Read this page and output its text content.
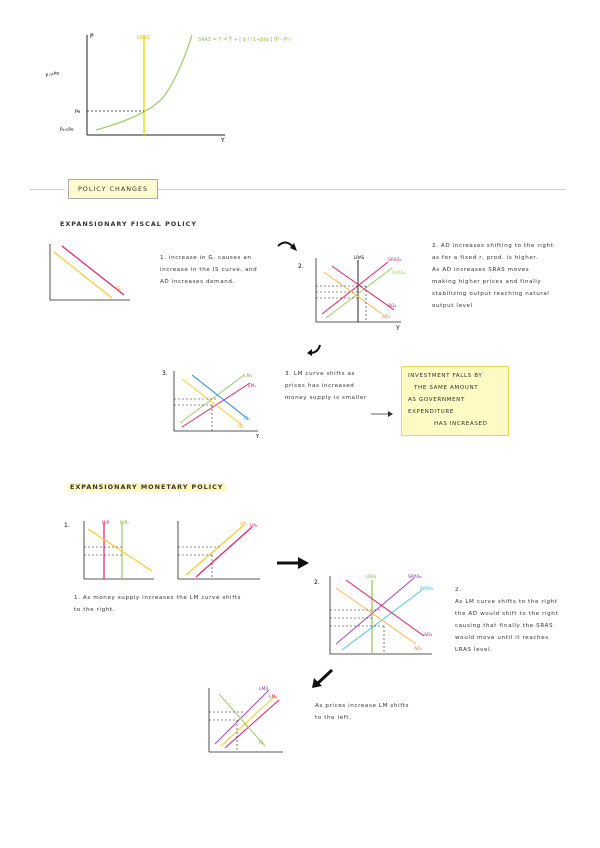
P
Y
LRAS	SRAS = Y = Ȳ + [ α / (1+β)α ] (P - Pᵉ)
P₁>Pe
Pe
P₁<Pe
POLICY CHANGES
EXPANSIONARY FISCAL POLICY
IS₂
1. increase in G, causes an
increase in the IS curve, and
AD increases demand.
2.
SRAS₁
SRAS₂
LRAS
AD₂
AD₁
Y
2. AD increases shifting to the right
as for a fixed r, prod. is higher.
As AD increases SRAS moves
making higher prices and finally
stabilizing output reaching natural
output level
3.	LM₂
LM₁
IS₂
IS₁
Y
3. LM curve shifts as
prices has increased
money supply is smaller
INVESTMENT FALLS BY
THE SAME AMOUNT
AS GOVERNMENT EXPENDITURE
HAS INCREASED
EXPANSIONARY MONETARY POLICY
1.	M/P	M/P₂	LM₁ LM₂
1. As money supply increases the LM curve shifts
to the right.
2.
LRAS	SRAS₂
SRAS₁
AD₂
AD₁
2.
As LM curve shifts to the right
the AD would shift to the right
causing that finally the SRAS
would move until it reaches
LRAS level.
LM3
LM₂
IS
As prices increase LM shifts
to the left.
